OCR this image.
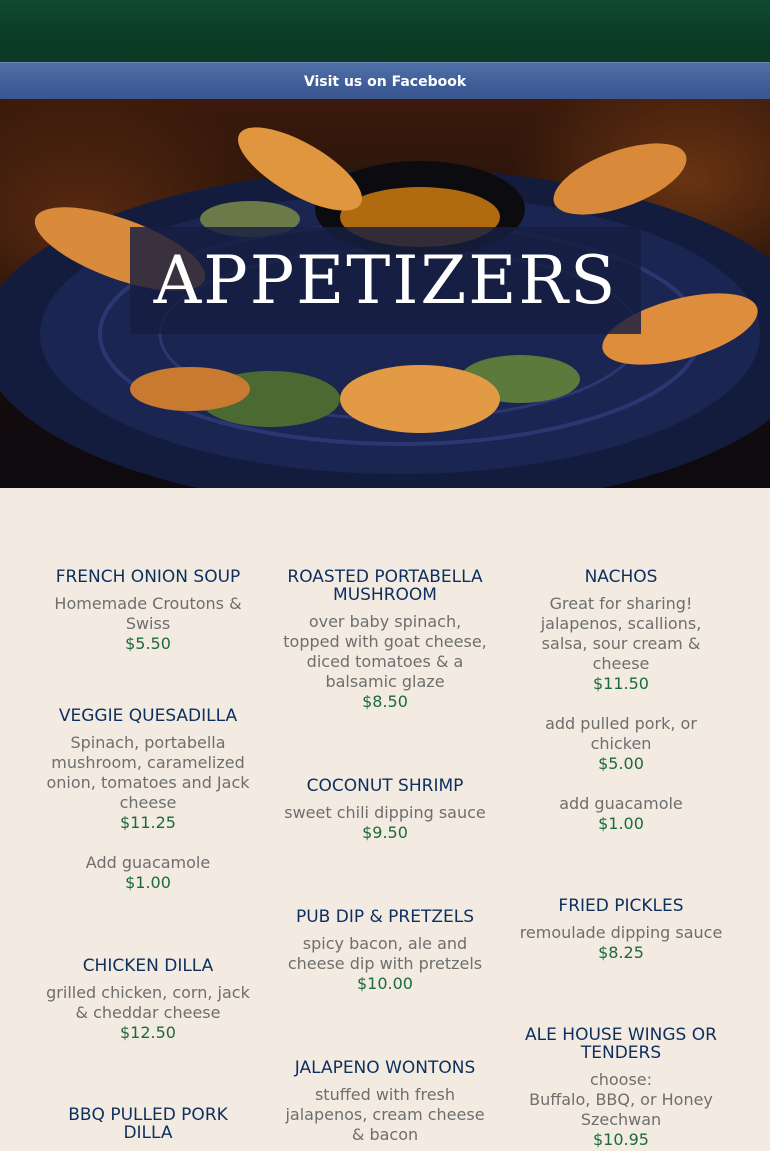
Visit us on Facebook
APPETIZERS
FRENCH ONION SOUP
Homemade Croutons & Swiss
$5.50
VEGGIE QUESADILLA
Spinach, portabella mushroom, caramelized onion, tomatoes and Jack cheese
$11.25
Add guacamole
$1.00
CHICKEN DILLA
grilled chicken, corn, jack & cheddar cheese
$12.50
BBQ PULLED PORK DILLA
ROASTED PORTABELLA MUSHROOM
over baby spinach, topped with goat cheese, diced tomatoes & a balsamic glaze
$8.50
COCONUT SHRIMP
sweet chili dipping sauce
$9.50
PUB DIP & PRETZELS
spicy bacon, ale and cheese dip with pretzels
$10.00
JALAPENO WONTONS
stuffed with fresh jalapenos, cream cheese & bacon
NACHOS
Great for sharing! jalapenos, scallions, salsa, sour cream & cheese
$11.50
add pulled pork, or chicken
$5.00
add guacamole
$1.00
FRIED PICKLES
remoulade dipping sauce
$8.25
ALE HOUSE WINGS OR TENDERS
choose:
Buffalo, BBQ, or Honey Szechwan
$10.95
